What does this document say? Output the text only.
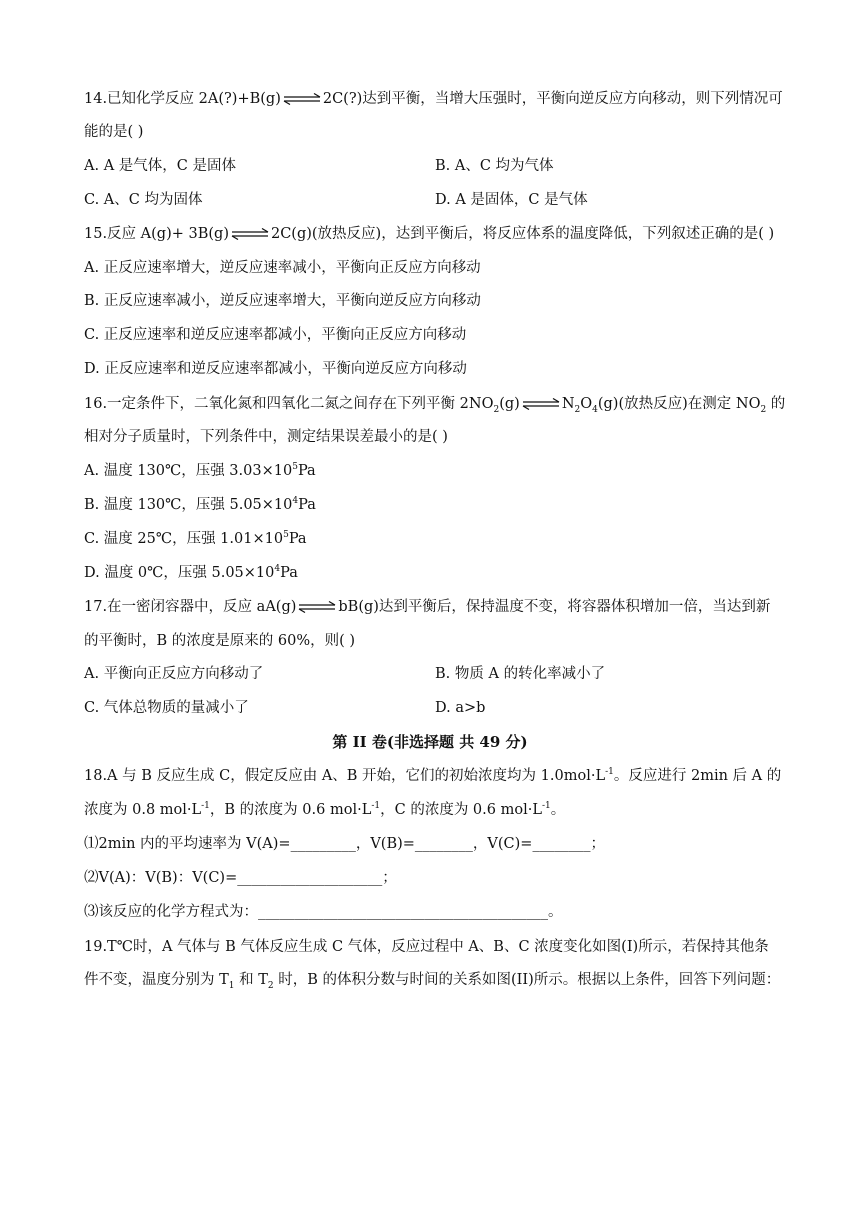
14.已知化学反应 2A(?)+B(g)⇌2C(?)达到平衡，当增大压强时，平衡向逆反应方向移动，则下列情况可
能的是( )
A. A 是气体，C 是固体	B. A、C 均为气体
C. A、C 均为固体	D. A 是固体，C 是气体
15.反应 A(g)+ 3B(g)⇌2C(g)(放热反应)，达到平衡后，将反应体系的温度降低，下列叙述正确的是( )
A. 正反应速率增大，逆反应速率减小，平衡向正反应方向移动
B. 正反应速率减小，逆反应速率增大，平衡向逆反应方向移动
C. 正反应速率和逆反应速率都减小，平衡向正反应方向移动
D. 正反应速率和逆反应速率都减小，平衡向逆反应方向移动
16.一定条件下，二氧化氮和四氧化二氮之间存在下列平衡 $2NO_2(g)\rightleftharpoons N_2O_4(g)$(放热反应)在测定 $NO_2$ 的
相对分子质量时，下列条件中，测定结果误差最小的是( )
A. 温度 130℃，压强 $3.03\times 10^5Pa$
B. 温度 130℃，压强 $5.05\times 10^4Pa$
C. 温度 25℃，压强 $1.01\times 10^5Pa$
D. 温度 0℃，压强 $5.05\times 10^4Pa$
17.在一密闭容器中，反应 aA(g)⇌bB(g)达到平衡后，保持温度不变，将容器体积增加一倍，当达到新
的平衡时，B 的浓度是原来的 60%，则( )
A. 平衡向正反应方向移动了	B. 物质 A 的转化率减小了
C. 气体总物质的量减小了	D. a>b
第 II 卷(非选择题 共 49 分)
18.A 与 B 反应生成 C，假定反应由 A、B 开始，它们的初始浓度均为 $1.0mol\cdot L^{-1}$。反应进行 2min 后 A 的
浓度为 0.8 $mol\cdot L^{-1}$，B 的浓度为 0.6 $mol\cdot L^{-1}$，C 的浓度为 0.6 $mol\cdot L^{-1}$。
⑴2min 内的平均速率为 V(A)=_________，V(B)=________，V(C)=________；
⑵V(A)：V(B)：V(C)=____________________；
⑶该反应的化学方程式为：________________________________________。
19.T℃时，A 气体与 B 气体反应生成 C 气体，反应过程中 A、B、C 浓度变化如图(I)所示，若保持其他条
件不变，温度分别为 $T_1$ 和 $T_2$ 时，B 的体积分数与时间的关系如图(II)所示。根据以上条件，回答下列问题：
